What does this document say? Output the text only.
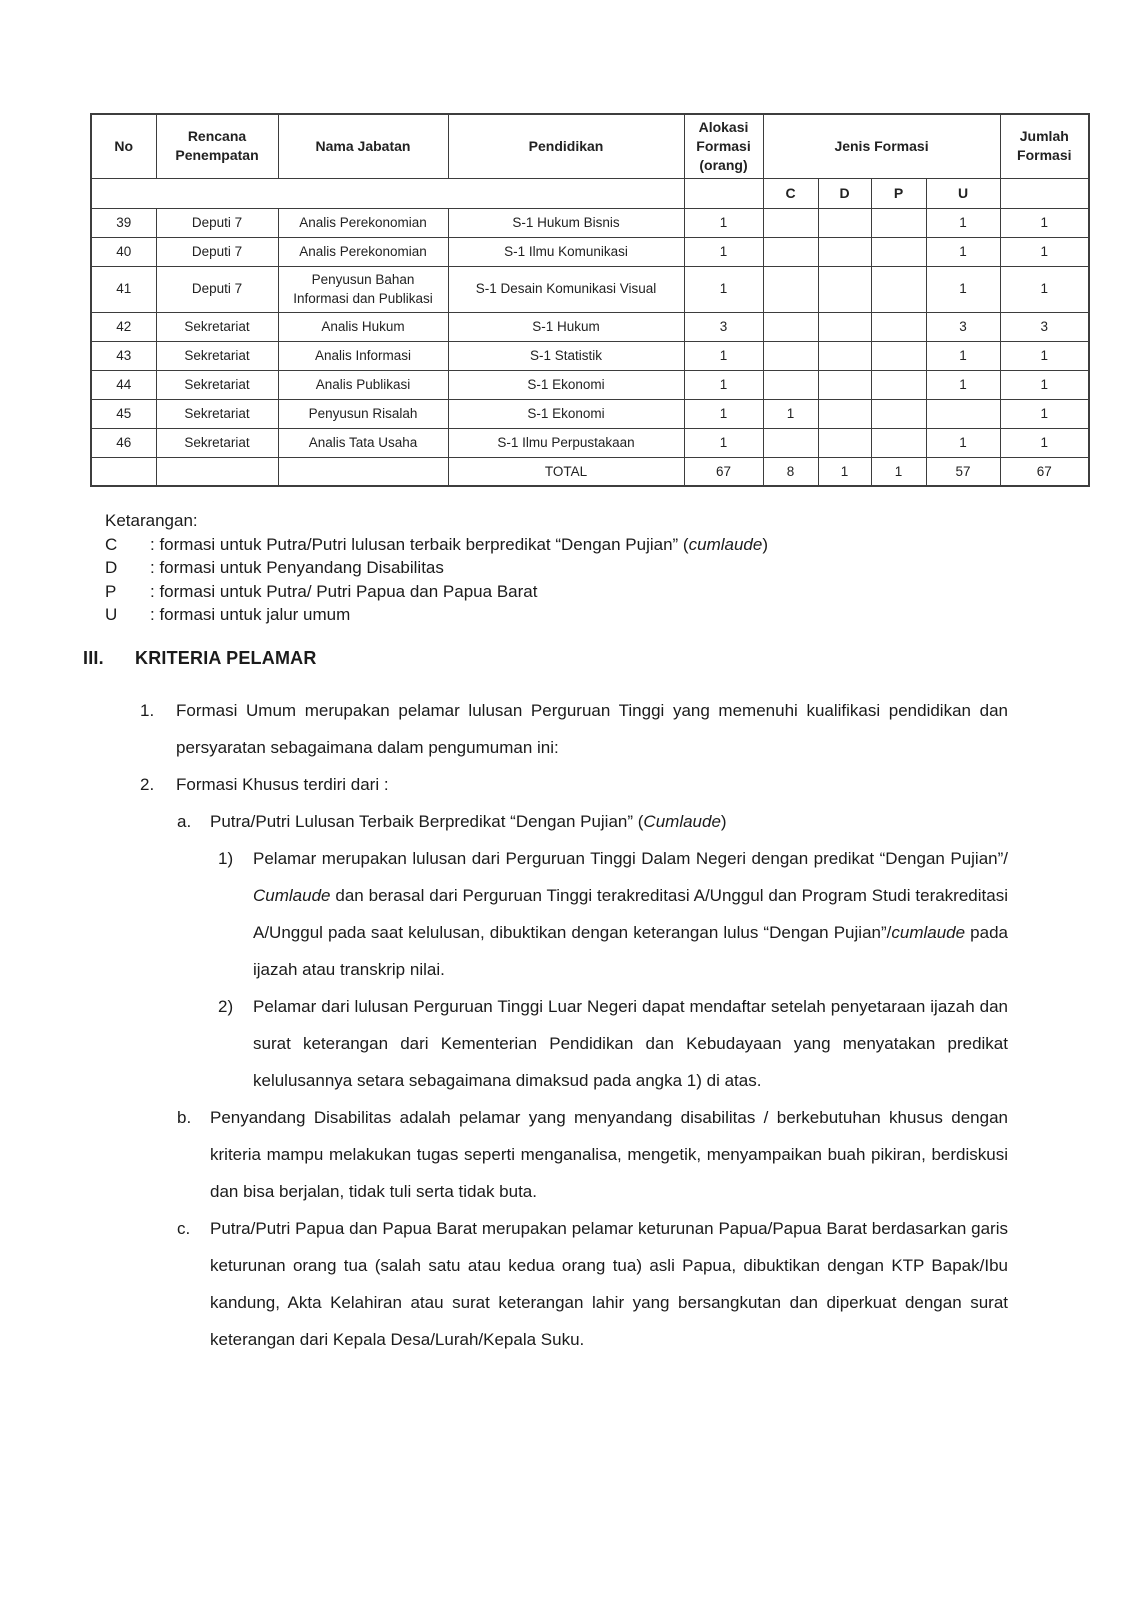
No	Rencana Penempatan	Nama Jabatan	Pendidikan	Alokasi Formasi (orang)	Jenis Formasi				Jumlah Formasi
					C	D	P	U	
39	Deputi 7	Analis Perekonomian	S-1 Hukum Bisnis	1				1	1
40	Deputi 7	Analis Perekonomian	S-1 Ilmu Komunikasi	1				1	1
41	Deputi 7	Penyusun Bahan Informasi dan Publikasi	S-1 Desain Komunikasi Visual	1				1	1
42	Sekretariat	Analis Hukum	S-1 Hukum	3				3	3
43	Sekretariat	Analis Informasi	S-1 Statistik	1				1	1
44	Sekretariat	Analis Publikasi	S-1 Ekonomi	1				1	1
45	Sekretariat	Penyusun Risalah	S-1 Ekonomi	1	1				1
46	Sekretariat	Analis Tata Usaha	S-1 Ilmu Perpustakaan	1				1	1
			TOTAL	67	8	1	1	57	67
Ketarangan:
C	: formasi untuk Putra/Putri lulusan terbaik berpredikat “Dengan Pujian” (cumlaude)
D	: formasi untuk Penyandang Disabilitas
P	: formasi untuk Putra/ Putri Papua dan Papua Barat
U	: formasi untuk jalur umum
III.	KRITERIA PELAMAR
1.	Formasi Umum merupakan pelamar lulusan Perguruan Tinggi yang memenuhi kualifikasi pendidikan dan persyaratan sebagaimana dalam pengumuman ini:
2.	Formasi Khusus terdiri dari :
a.	Putra/Putri Lulusan Terbaik Berpredikat “Dengan Pujian” (Cumlaude)
1)	Pelamar merupakan lulusan dari Perguruan Tinggi Dalam Negeri dengan predikat “Dengan Pujian”/ Cumlaude dan berasal dari Perguruan Tinggi terakreditasi A/Unggul dan Program Studi terakreditasi A/Unggul pada saat kelulusan, dibuktikan dengan keterangan lulus “Dengan Pujian”/cumlaude pada ijazah atau transkrip nilai.
2)	Pelamar dari lulusan Perguruan Tinggi Luar Negeri dapat mendaftar setelah penyetaraan ijazah dan surat keterangan dari Kementerian Pendidikan dan Kebudayaan yang menyatakan predikat kelulusannya setara sebagaimana dimaksud pada angka 1) di atas.
b.	Penyandang Disabilitas adalah pelamar yang menyandang disabilitas / berkebutuhan khusus dengan kriteria mampu melakukan tugas seperti menganalisa, mengetik, menyampaikan buah pikiran, berdiskusi dan bisa berjalan, tidak tuli serta tidak buta.
c.	Putra/Putri Papua dan Papua Barat merupakan pelamar keturunan Papua/Papua Barat berdasarkan garis keturunan orang tua (salah satu atau kedua orang tua) asli Papua, dibuktikan dengan KTP Bapak/Ibu kandung, Akta Kelahiran atau surat keterangan lahir yang bersangkutan dan diperkuat dengan surat keterangan dari Kepala Desa/Lurah/Kepala Suku.
